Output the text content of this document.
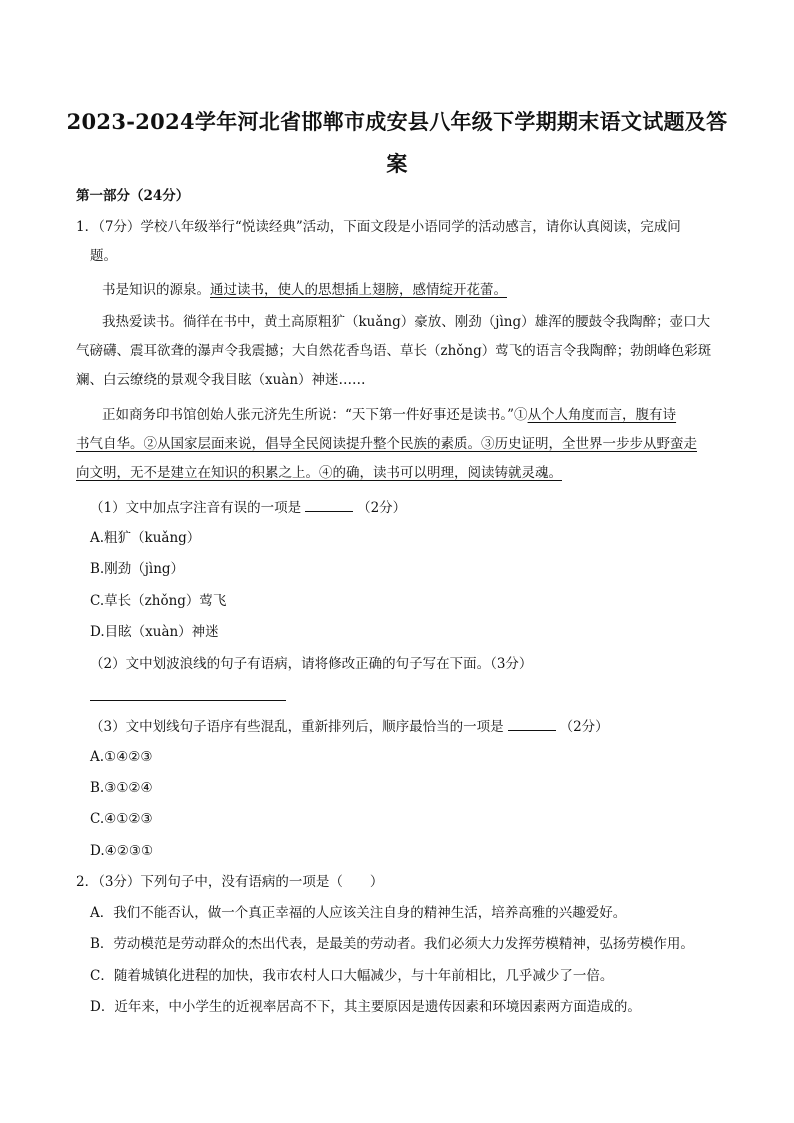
2023-2024学年河北省邯郸市成安县八年级下学期期末语文试题及答
案
第一部分（24分）
1．（7分）学校八年级举行“悦读经典”活动，下面文段是小语同学的活动感言，请你认真阅读，完成问
题。
书是知识的源泉。通过读书，使人的思想插上翅膀，感情绽开花蕾。
我热爱读书。徜徉在书中，黄土高原粗犷（kuǎng）豪放、刚劲（jìng）雄浑的腰鼓令我陶醉；壶口大
气磅礴、震耳欲聋的瀑声令我震撼；大自然花香鸟语、草长（zhǒng）莺飞的语言令我陶醉；勃朗峰色彩斑
斓、白云缭绕的景观令我目眩（xuàn）神迷……
正如商务印书馆创始人张元济先生所说：“天下第一件好事还是读书。”①从个人角度而言，腹有诗
书气自华。②从国家层面来说，倡导全民阅读提升整个民族的素质。③历史证明，全世界一步步从野蛮走
向文明，无不是建立在知识的积累之上。④的确，读书可以明理，阅读铸就灵魂。
（1）文中加点字注音有误的一项是	（2分）
A.粗犷（kuǎng）
B.刚劲（jìng）
C.草长（zhǒng）莺飞
D.目眩（xuàn）神迷
（2）文中划波浪线的句子有语病，请将修改正确的句子写在下面。（3分）
（3）文中划线句子语序有些混乱，重新排列后，顺序最恰当的一项是	（2分）
A.①④②③
B.③①②④
C.④①②③
D.④②③①
2．（3分）下列句子中，没有语病的一项是（　　）
A．我们不能否认，做一个真正幸福的人应该关注自身的精神生活，培养高雅的兴趣爱好。
B．劳动模范是劳动群众的杰出代表，是最美的劳动者。我们必须大力发挥劳模精神，弘扬劳模作用。
C．随着城镇化进程的加快，我市农村人口大幅减少，与十年前相比，几乎减少了一倍。
D．近年来，中小学生的近视率居高不下，其主要原因是遗传因素和环境因素两方面造成的。
